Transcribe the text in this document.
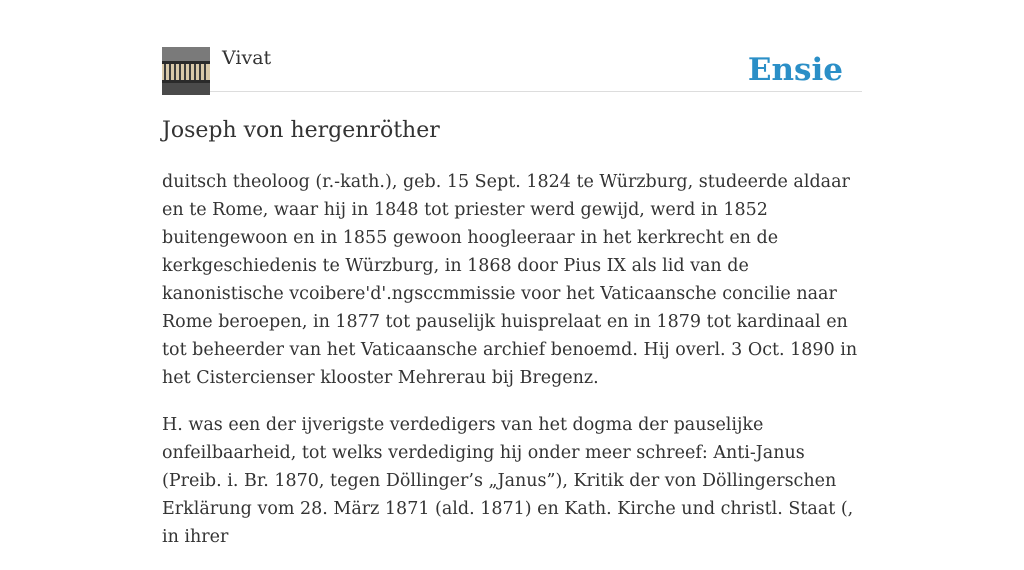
Vivat	Ensie
Joseph von hergenröther

duitsch theoloog (r.-kath.), geb. 15 Sept. 1824 te Würzburg, studeerde aldaar en te Rome, waar hij in 1848 tot priester werd gewijd, werd in 1852 buitengewoon en in 1855 gewoon hoogleeraar in het kerkrecht en de kerkgeschiedenis te Würzburg, in 1868 door Pius IX als lid van de kanonistische vcoibere'd'.ngsccmmissie voor het Vaticaansche concilie naar Rome beroepen, in 1877 tot pauselijk huisprelaat en in 1879 tot kardinaal en tot beheerder van het Vaticaansche archief benoemd. Hij overl. 3 Oct. 1890 in het Cistercienser klooster Mehrerau bij Bregenz.

H. was een der ijverigste verdedigers van het dogma der pauselijke onfeilbaarheid, tot welks verdediging hij onder meer schreef: Anti-Janus (Preib. i. Br. 1870, tegen Döllinger’s „Janus”), Kritik der von Döllingerschen Erklärung vom 28. März 1871 (ald. 1871) en Kath. Kirche und christl. Staat (, in ihrer
